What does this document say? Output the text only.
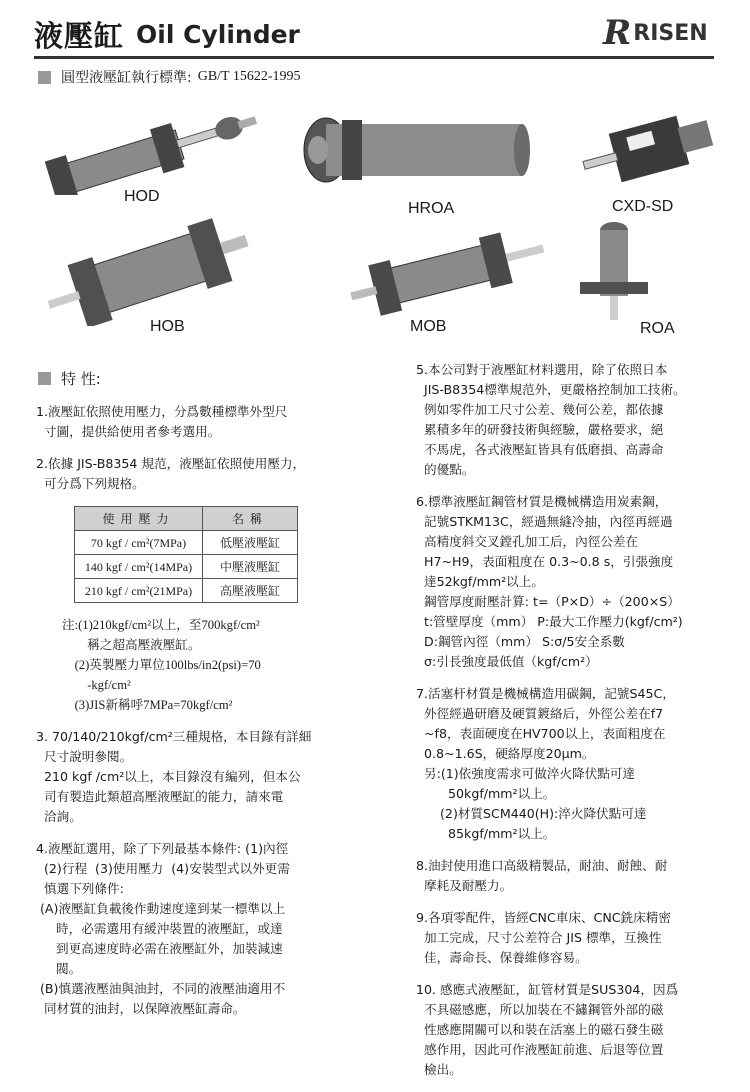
液壓缸 Oil Cylinder	R RISEN
圓型液壓缸執行標準: GB/T 15622-1995
HOD
HROA	CXD-SD
HOB	MOB	ROA
特 性:
1.液壓缸依照使用壓力，分爲數種標準外型尺
寸圖，提供給使用者參考選用。
2.依據 JIS-B8354 規范，液壓缸依照使用壓力，
可分爲下列規格。
使用壓力	名稱
70 kgf / cm²(7MPa)	低壓液壓缸
140 kgf / cm²(14MPa)	中壓液壓缸
210 kgf / cm²(21MPa)	高壓液壓缸
注:(1)210kgf/cm²以上，至700kgf/cm²
稱之超高壓液壓缸。
(2)英製壓力單位100lbs/in2(psi)=70
-kgf/cm²
(3)JIS新稱呼7MPa=70kgf/cm²
3. 70/140/210kgf/cm²三種規格，本目錄有詳細
尺寸說明參閱。
210 kgf /cm²以上，本目錄沒有編列，但本公
司有製造此類超高壓液壓缸的能力，請來電
洽詢。
4.液壓缸選用，除了下列最基本條件: (1)內徑
(2)行程  (3)使用壓力  (4)安裝型式以外更需
慎選下列條件:
(A)液壓缸負載後作動速度達到某一標準以上
時，必需選用有緩沖裝置的液壓缸，或達
到更高速度時必需在液壓缸外，加裝減速
閥。
(B)慎選液壓油與油封，不同的液壓油適用不
同材質的油封，以保障液壓缸壽命。
5.本公司對于液壓缸材料選用，除了依照日本
JIS-B8354標準規范外，更嚴格控制加工技術。
例如零件加工尺寸公差、幾何公差，都依據
累積多年的研發技術與經驗，嚴格要求，絕
不馬虎，各式液壓缸皆具有低磨損、高壽命
的優點。
6.標準液壓缸鋼管材質是機械構造用炭素鋼，
記號STKM13C，經過無縫冷抽，內徑再經過
高精度斜交叉鏜孔加工后，內徑公差在
H7~H9，表面粗度在 0.3~0.8 s，引張強度
達52kgf/mm²以上。
鋼管厚度耐壓計算: t=（P×D）÷（200×S）
t:管壁厚度（mm） P:最大工作壓力(kgf/cm²)
D:鋼管內徑（mm） S:σ/5安全系數
σ:引長強度最低值（kgf/cm²）
7.活塞杆材質是機械構造用碳鋼，記號S45C，
外徑經過研磨及硬質鍍絡后，外徑公差在f7
~f8，表面硬度在HV700以上，表面粗度在
0.8~1.6S，硬絡厚度20μm。
另:(1)依強度需求可做淬火降伏點可達
50kgf/mm²以上。
(2)材質SCM440(H):淬火降伏點可達
85kgf/mm²以上。
8.油封使用進口高級精製品，耐油、耐蝕、耐
摩耗及耐壓力。
9.各項零配件，皆經CNC車床、CNC銑床精密
加工完成，尺寸公差符合 JIS 標準，互換性
佳，壽命長、保養維修容易。
10. 感應式液壓缸，缸管材質是SUS304，因爲
不具磁感應，所以加裝在不鏽鋼管外部的磁
性感應開關可以和裝在活塞上的磁石發生磁
感作用，因此可作液壓缸前進、后退等位置
檢出。
